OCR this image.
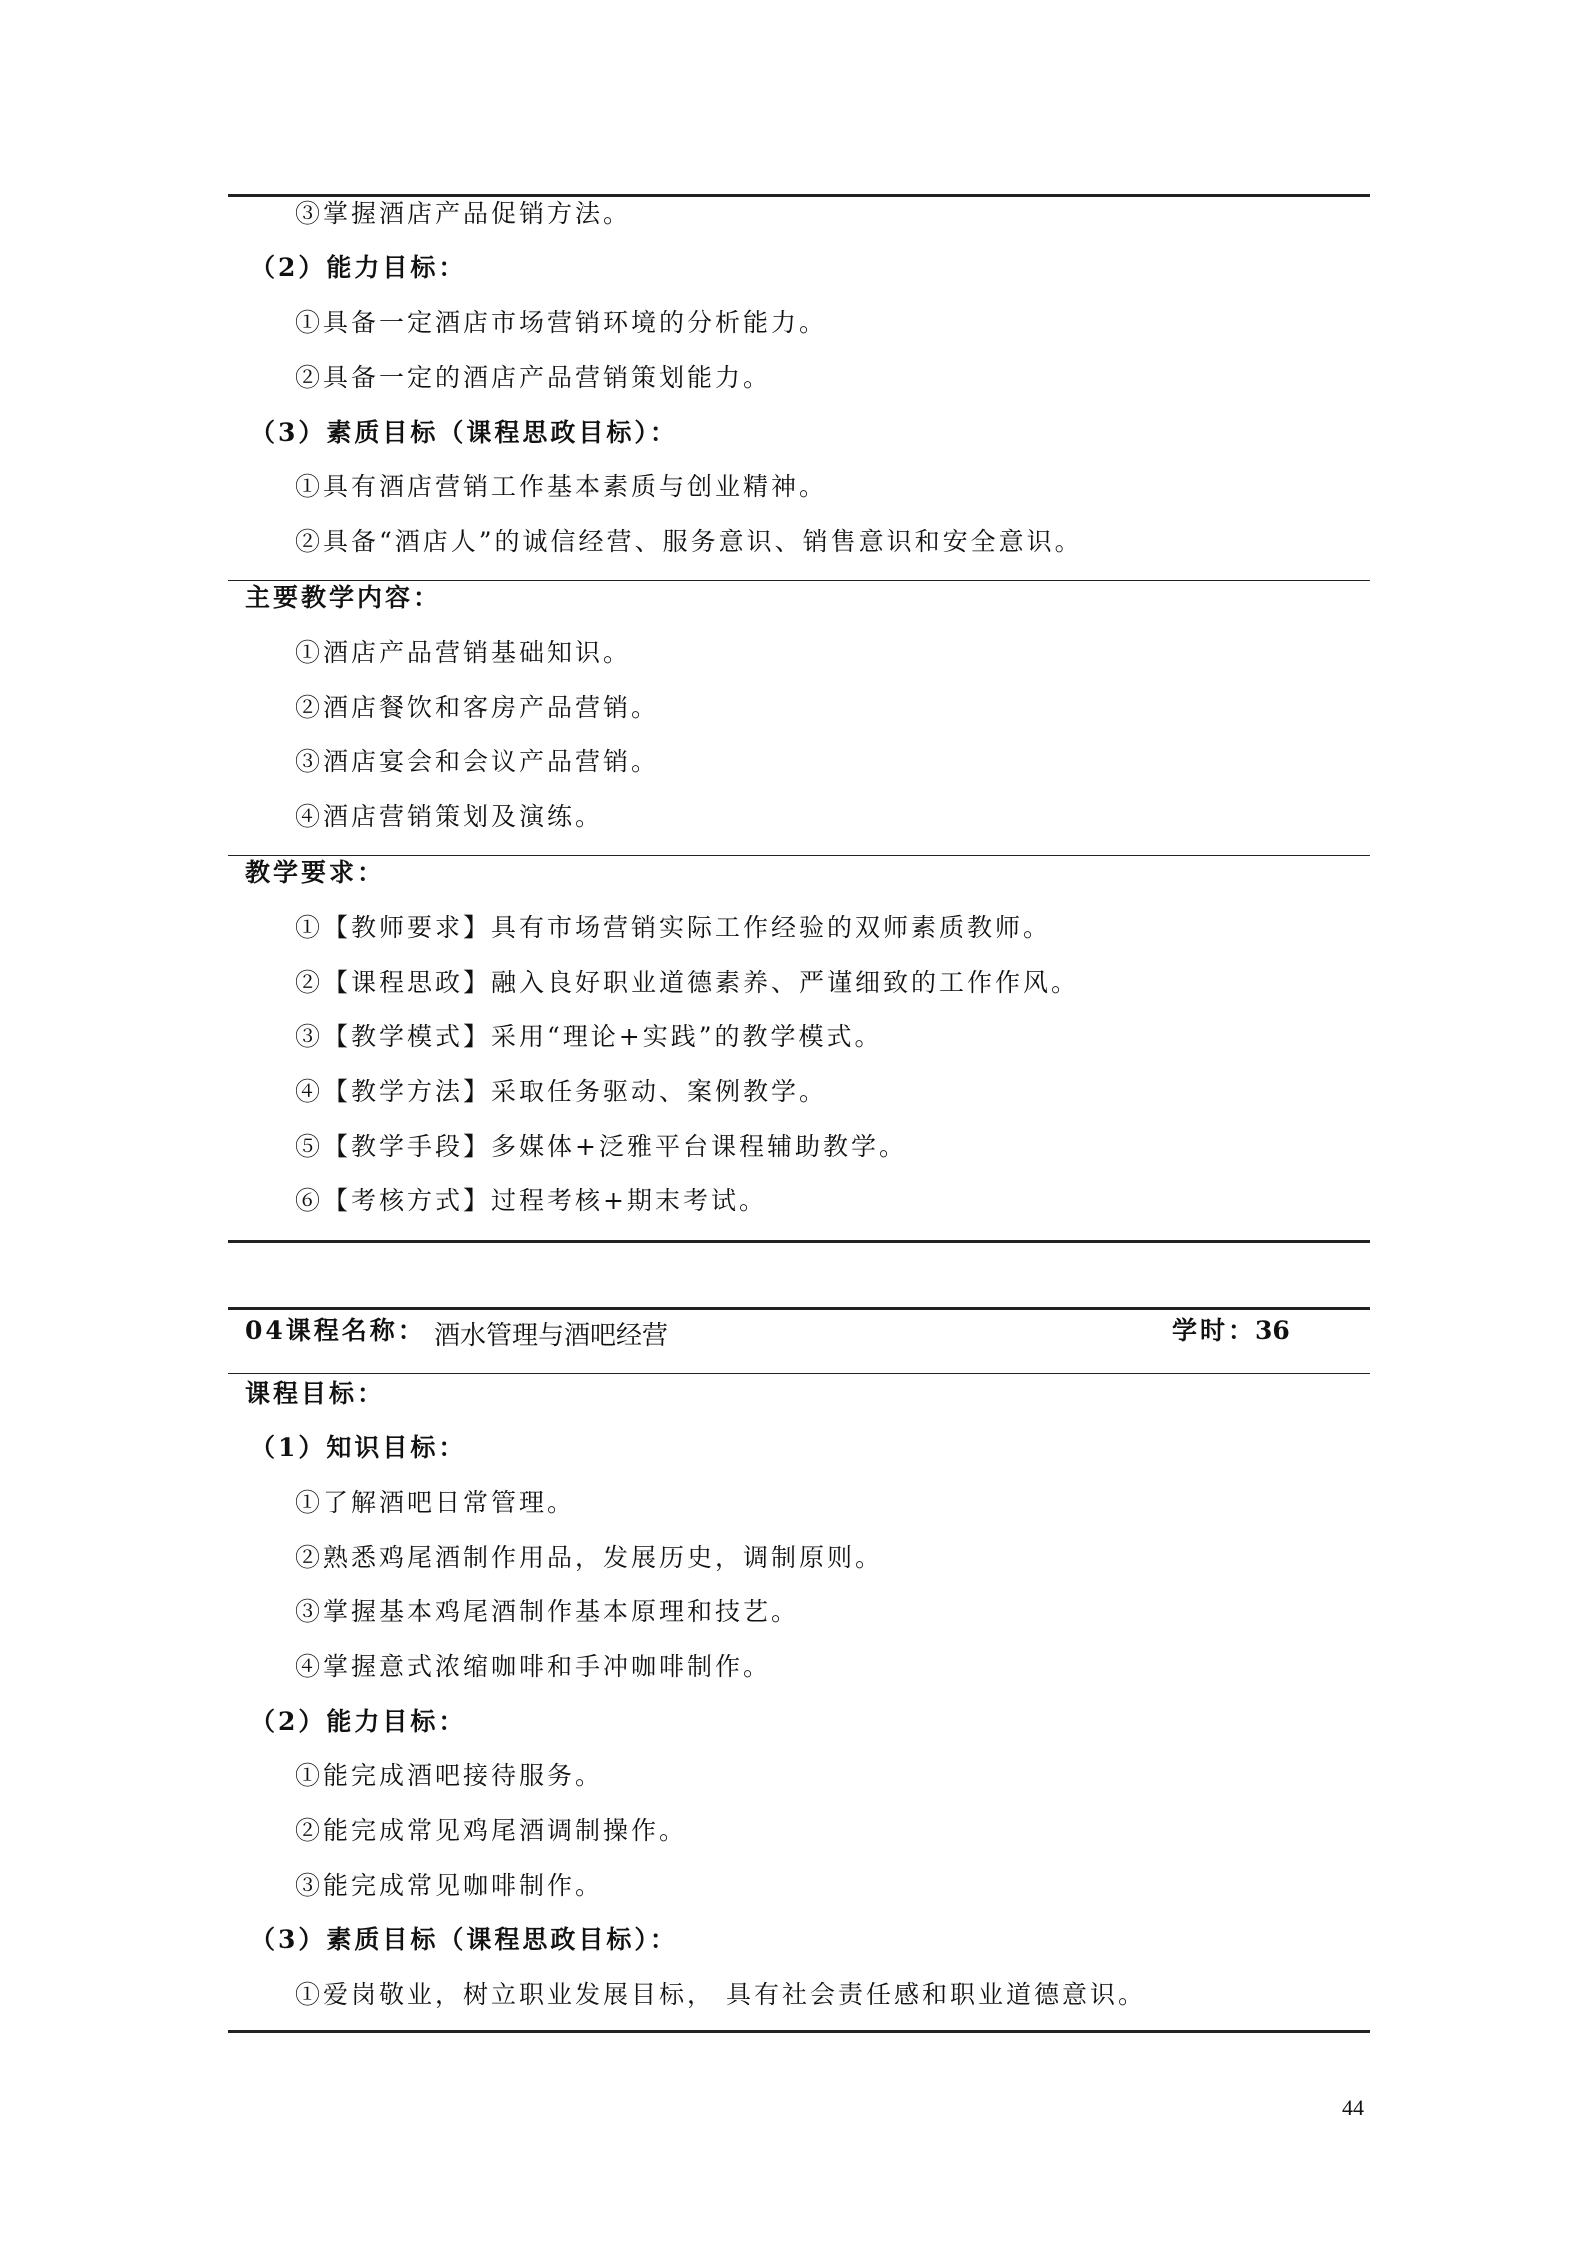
③掌握酒店产品促销方法。
（2）能力目标：
①具备一定酒店市场营销环境的分析能力。
②具备一定的酒店产品营销策划能力。
（3）素质目标（课程思政目标）：
①具有酒店营销工作基本素质与创业精神。
②具备“酒店人”的诚信经营、服务意识、销售意识和安全意识。
主要教学内容：
①酒店产品营销基础知识。
②酒店餐饮和客房产品营销。
③酒店宴会和会议产品营销。
④酒店营销策划及演练。
教学要求：
①【教师要求】具有市场营销实际工作经验的双师素质教师。
②【课程思政】融入良好职业道德素养、严谨细致的工作作风。
③【教学模式】采用“理论+实践”的教学模式。
④【教学方法】采取任务驱动、案例教学。
⑤【教学手段】多媒体+泛雅平台课程辅助教学。
⑥【考核方式】过程考核+期末考试。
04课程名称： 酒水管理与酒吧经营	学时：
36
课程目标：
（1）知识目标：
①了解酒吧日常管理。
②熟悉鸡尾酒制作用品，发展历史，调制原则。
③掌握基本鸡尾酒制作基本原理和技艺。
④掌握意式浓缩咖啡和手冲咖啡制作。
（2）能力目标：
①能完成酒吧接待服务。
②能完成常见鸡尾酒调制操作。
③能完成常见咖啡制作。
（3）素质目标（课程思政目标）：
①爱岗敬业，树立职业发展目标， 具有社会责任感和职业道德意识。
44
